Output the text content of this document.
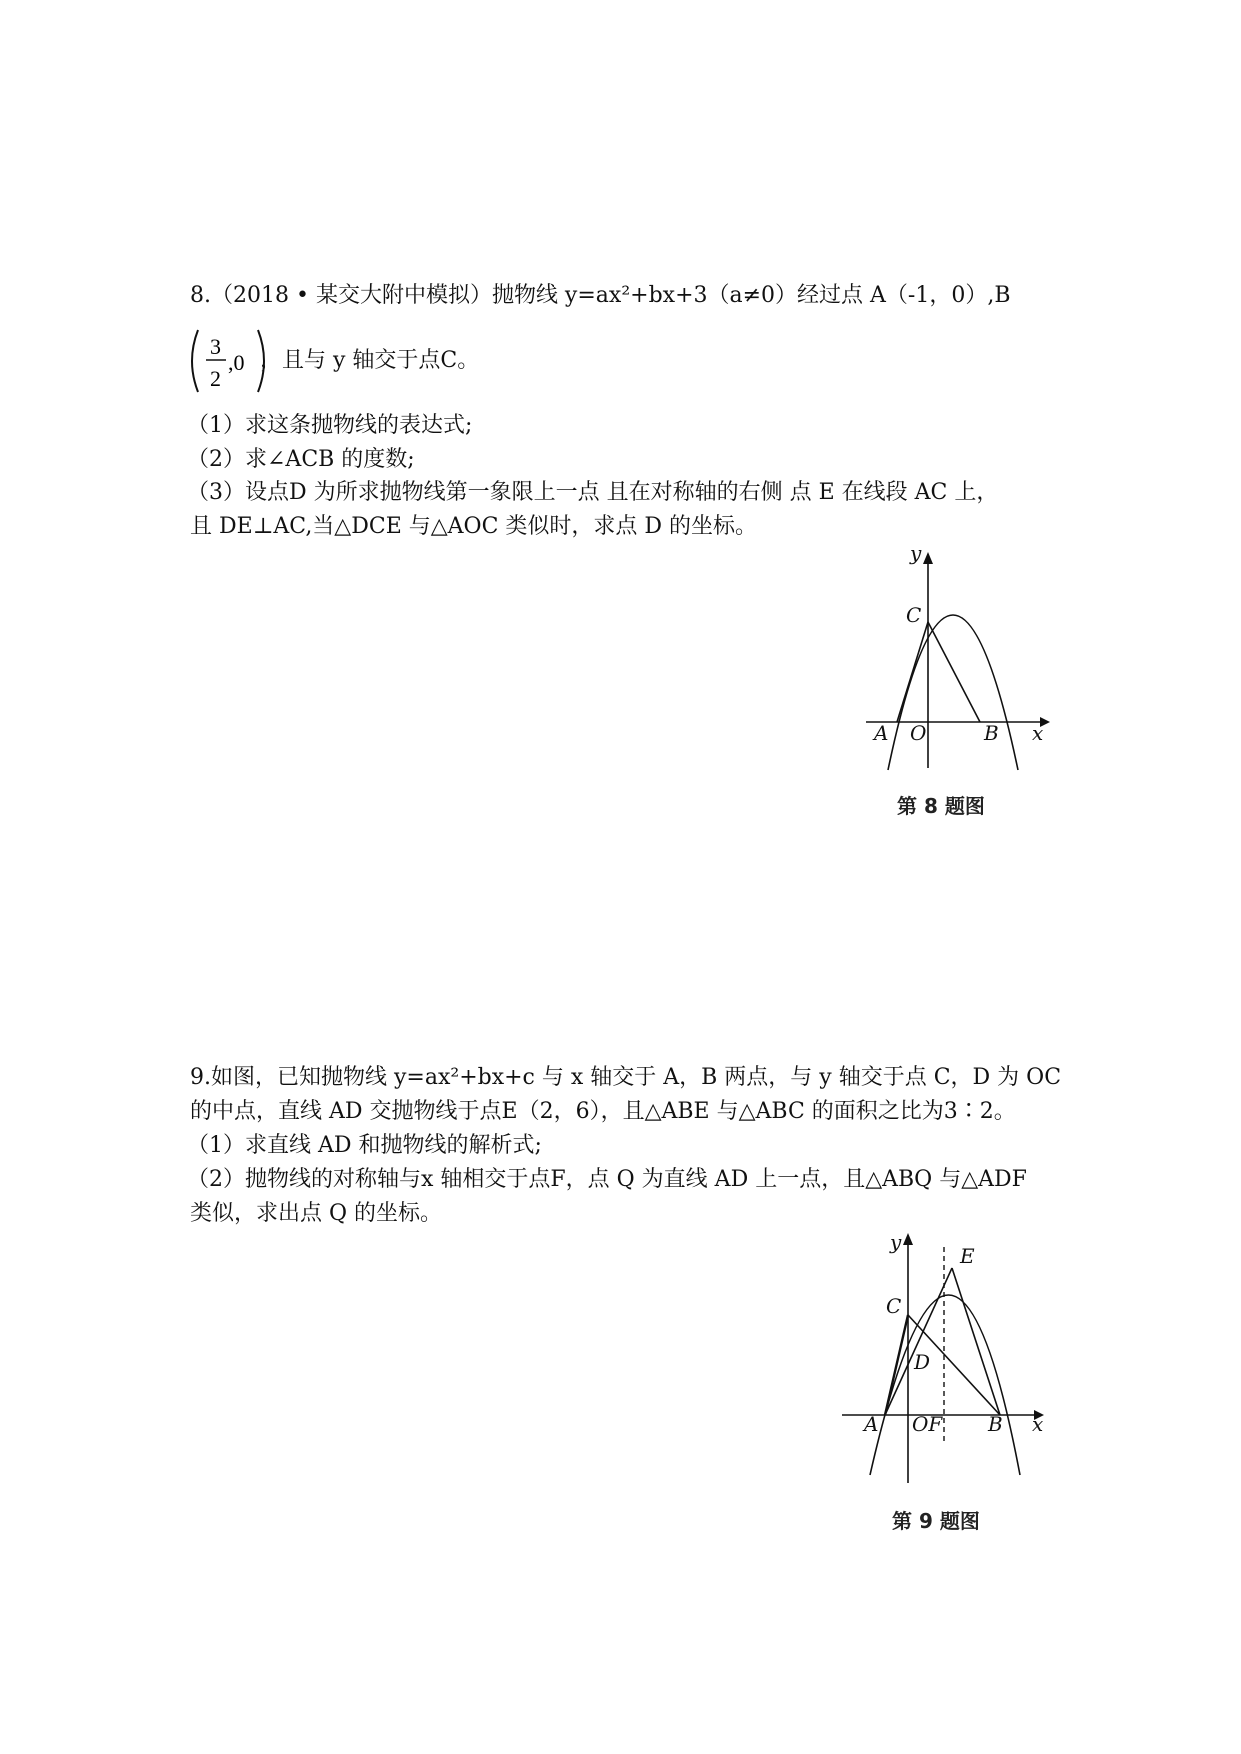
8.（2018 • 某交大附中模拟）抛物线 y=ax²+bx+3（a≠0）经过点 A（-1，0）,B
3
2
,0 ，且与 y 轴交于点C。
（1）求这条抛物线的表达式;
（2）求∠ACB 的度数;
（3）设点D 为所求抛物线第一象限上一点 且在对称轴的右侧 点 E 在线段 AC 上，
且 DE⊥AC,当△DCE 与△AOC 类似时，求点 D 的坐标。
y
C
A O	B x
第 8 题图
9.如图，已知抛物线 y=ax²+bx+c 与 x 轴交于 A，B 两点，与 y 轴交于点 C，D 为 OC
的中点，直线 AD 交抛物线于点E（2，6），且△ABE 与△ABC 的面积之比为3∶2。
（1）求直线 AD 和抛物线的解析式;
（2）抛物线的对称轴与x 轴相交于点F，点 Q 为直线 AD 上一点，且△ABQ 与△ADF
类似，求出点 Q 的坐标。
y
E
C
D
A OF B x
第 9 题图
